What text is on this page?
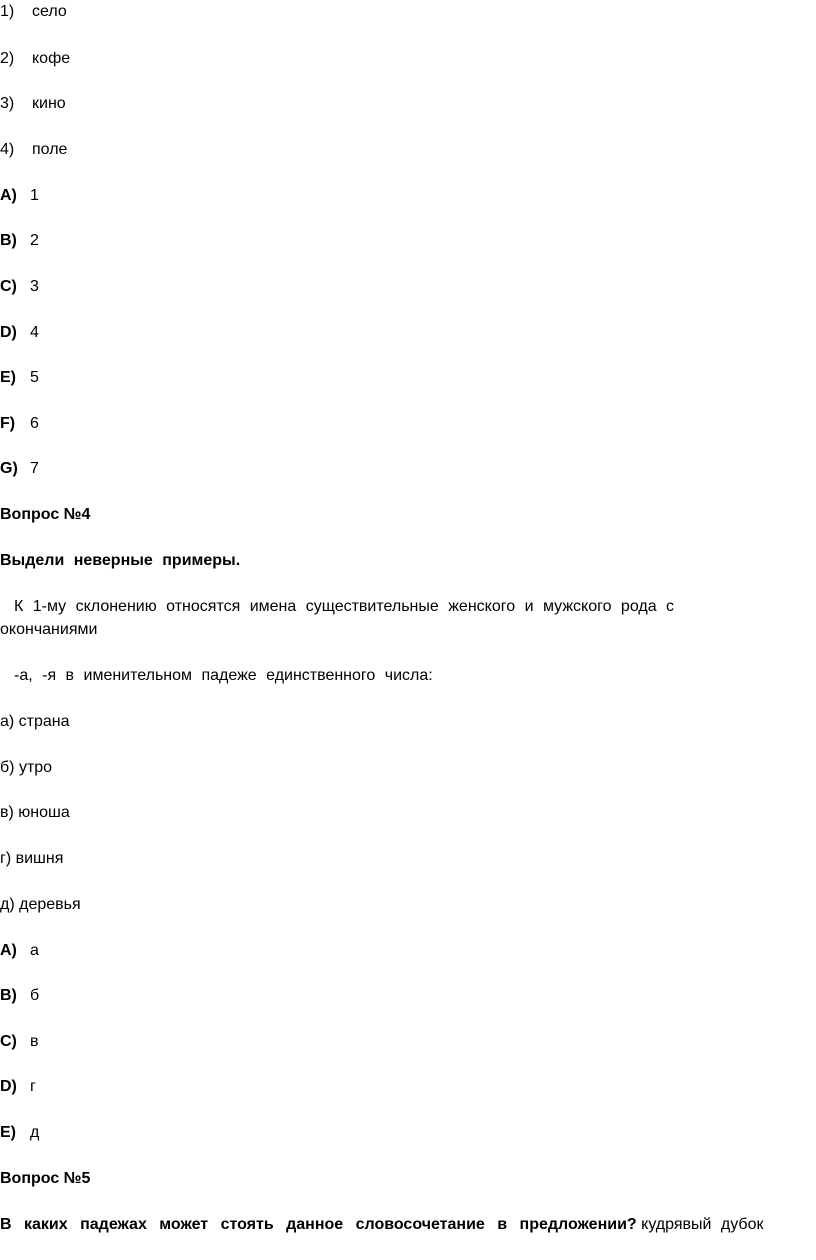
1) село
2) кофе
3) кино
4) поле
A) 1
B) 2
C) 3
D) 4
E) 5
F) 6
G) 7
Вопрос №4
Выдели неверные примеры.
К 1-му склонению относятся имена существительные женского и мужского рода с
окончаниями
-а, -я в именительном падеже единственного числа:
а) страна
б) утро
в) юноша
г) вишня
д) деревья
A) а
B) б
C) в
D) г
E) д
Вопрос №5
В каких падежах может стоять данное словосочетание в предложении? кудрявый дубок
